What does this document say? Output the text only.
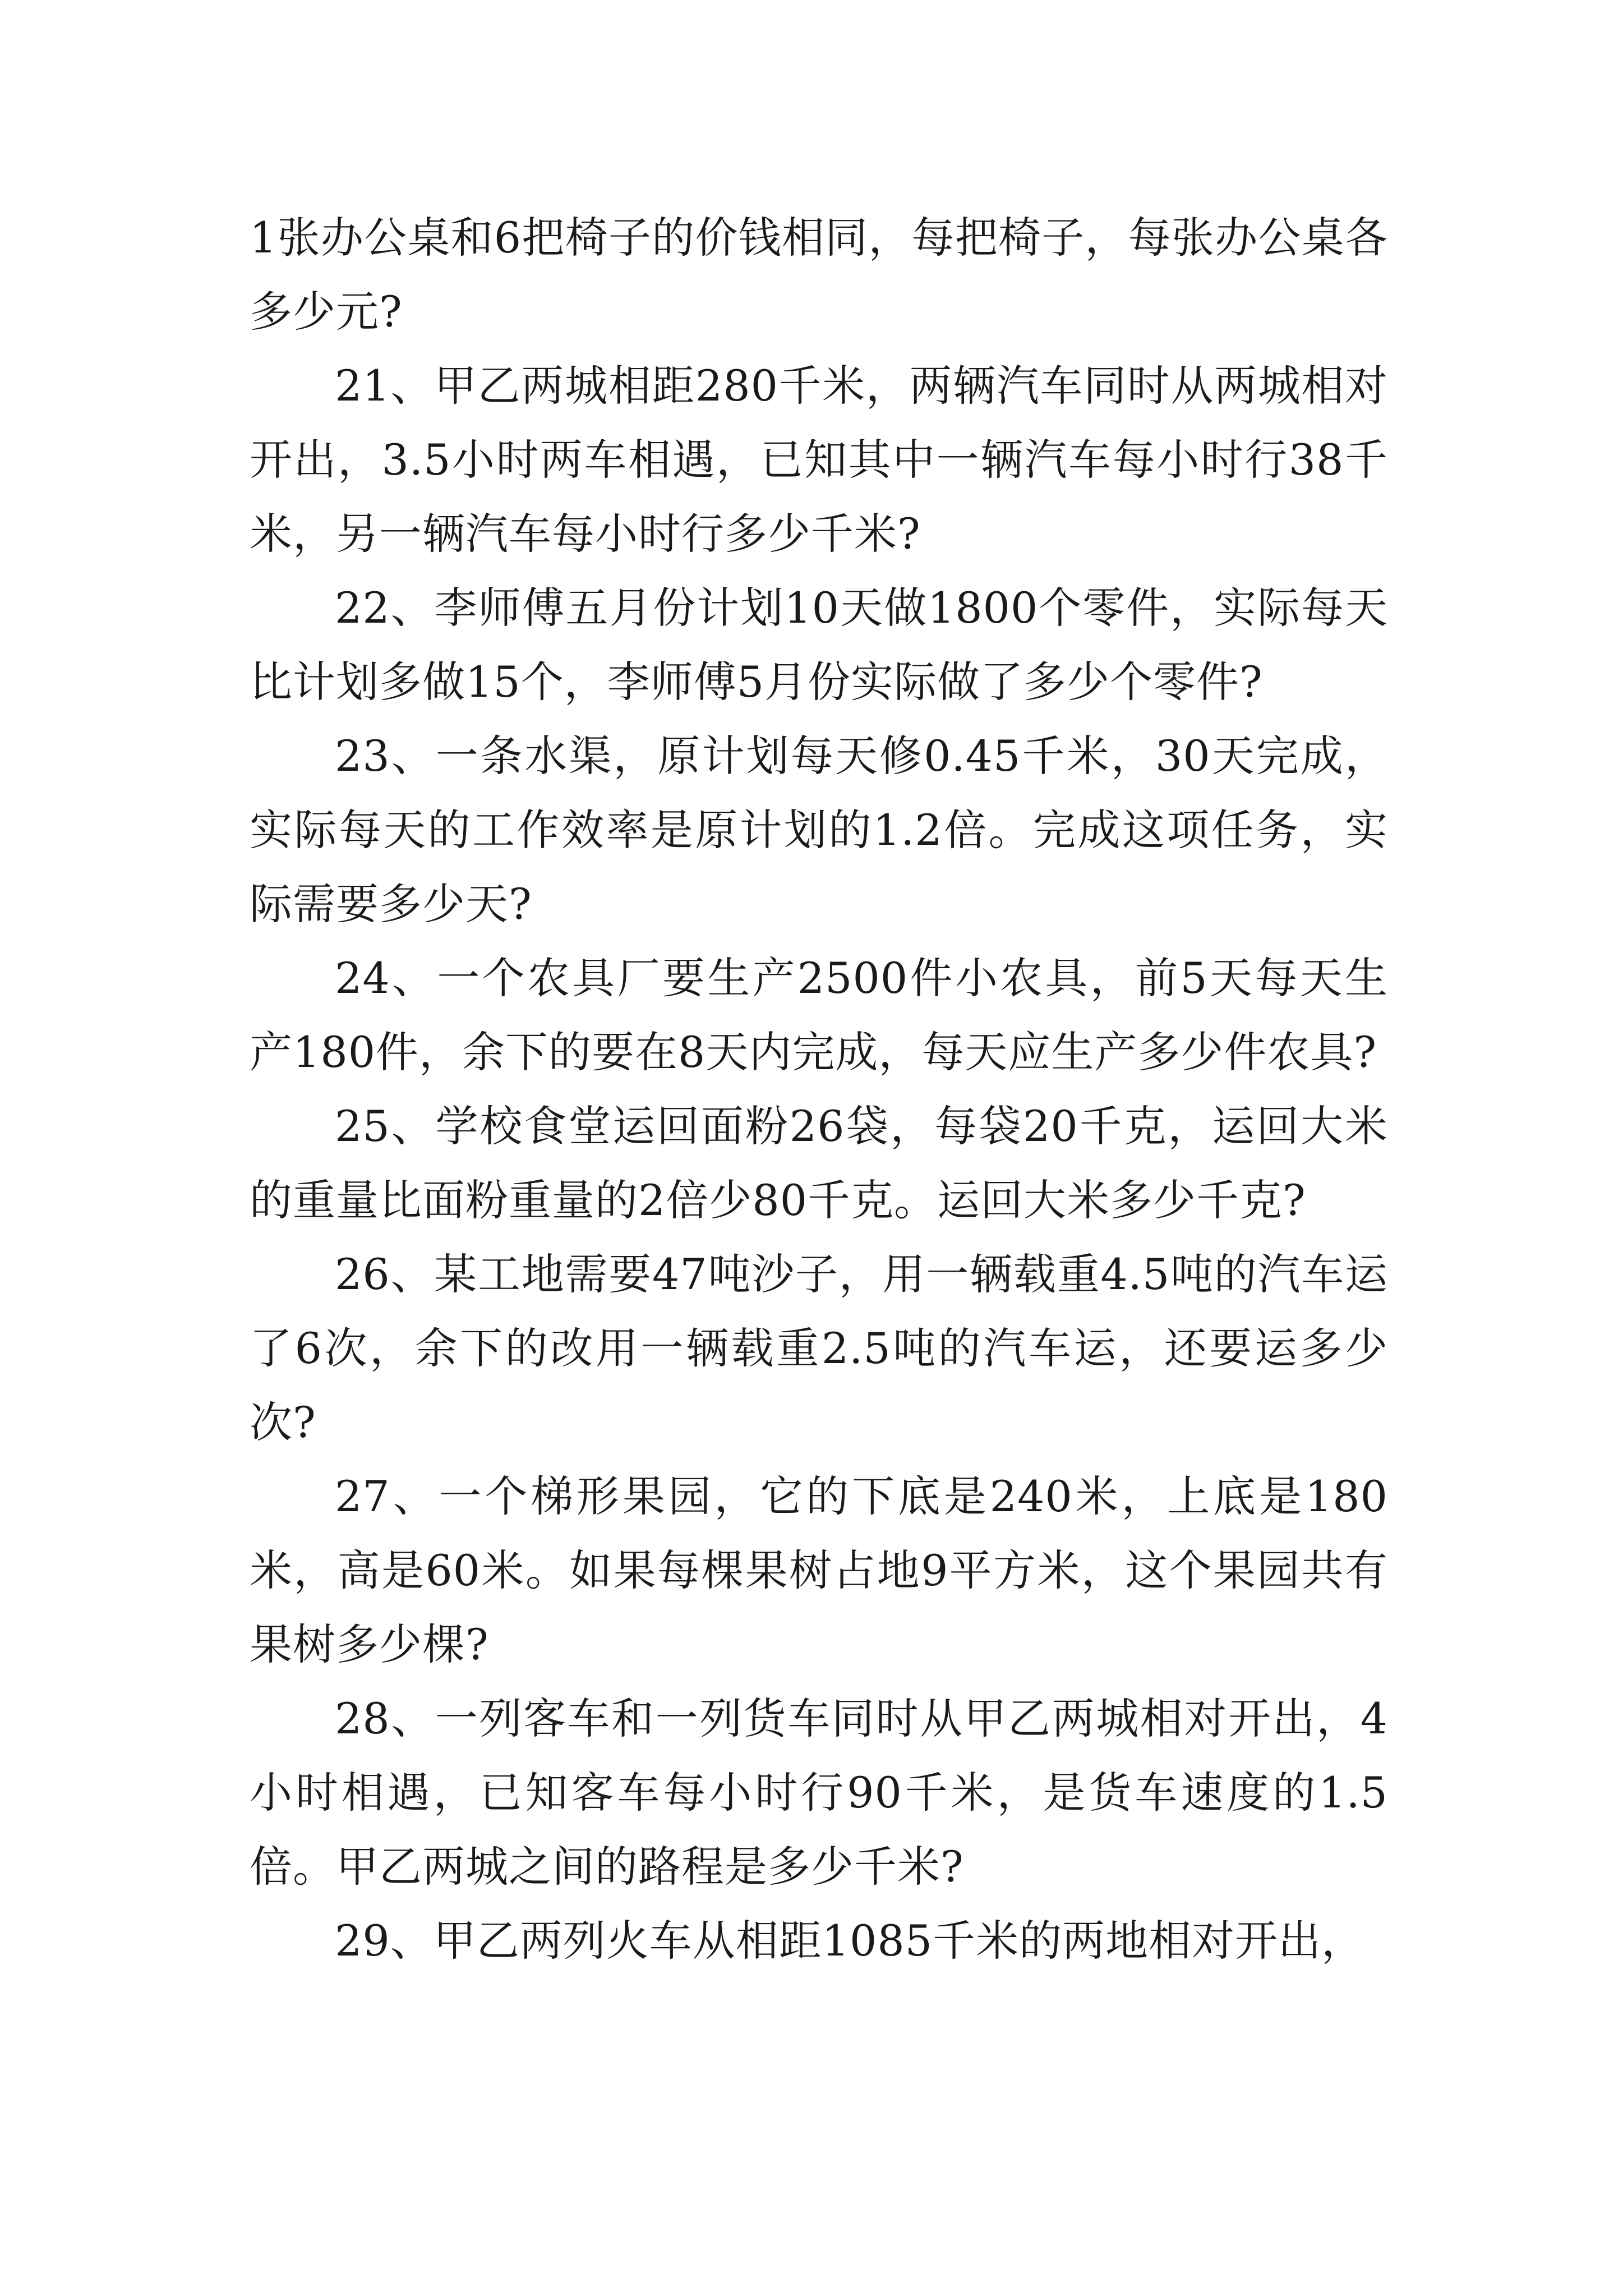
1张办公桌和6把椅子的价钱相同，每把椅子，每张办公桌各多少元?

21、甲乙两城相距280千米，两辆汽车同时从两城相对开出，3.5小时两车相遇，已知其中一辆汽车每小时行38千米，另一辆汽车每小时行多少千米?

22、李师傅五月份计划10天做1800个零件，实际每天比计划多做15个，李师傅5月份实际做了多少个零件?

23、一条水渠，原计划每天修0.45千米，30天完成，实际每天的工作效率是原计划的1.2倍。完成这项任务，实际需要多少天?

24、一个农具厂要生产2500件小农具，前5天每天生产180件，余下的要在8天内完成，每天应生产多少件农具?

25、学校食堂运回面粉26袋，每袋20千克，运回大米的重量比面粉重量的2倍少80千克。运回大米多少千克?

26、某工地需要47吨沙子，用一辆载重4.5吨的汽车运了6次，余下的改用一辆载重2.5吨的汽车运，还要运多少次?

27、一个梯形果园，它的下底是240米，上底是180米，高是60米。如果每棵果树占地9平方米，这个果园共有果树多少棵?

28、一列客车和一列货车同时从甲乙两城相对开出，4小时相遇，已知客车每小时行90千米，是货车速度的1.5倍。甲乙两城之间的路程是多少千米?

29、甲乙两列火车从相距1085千米的两地相对开出，
